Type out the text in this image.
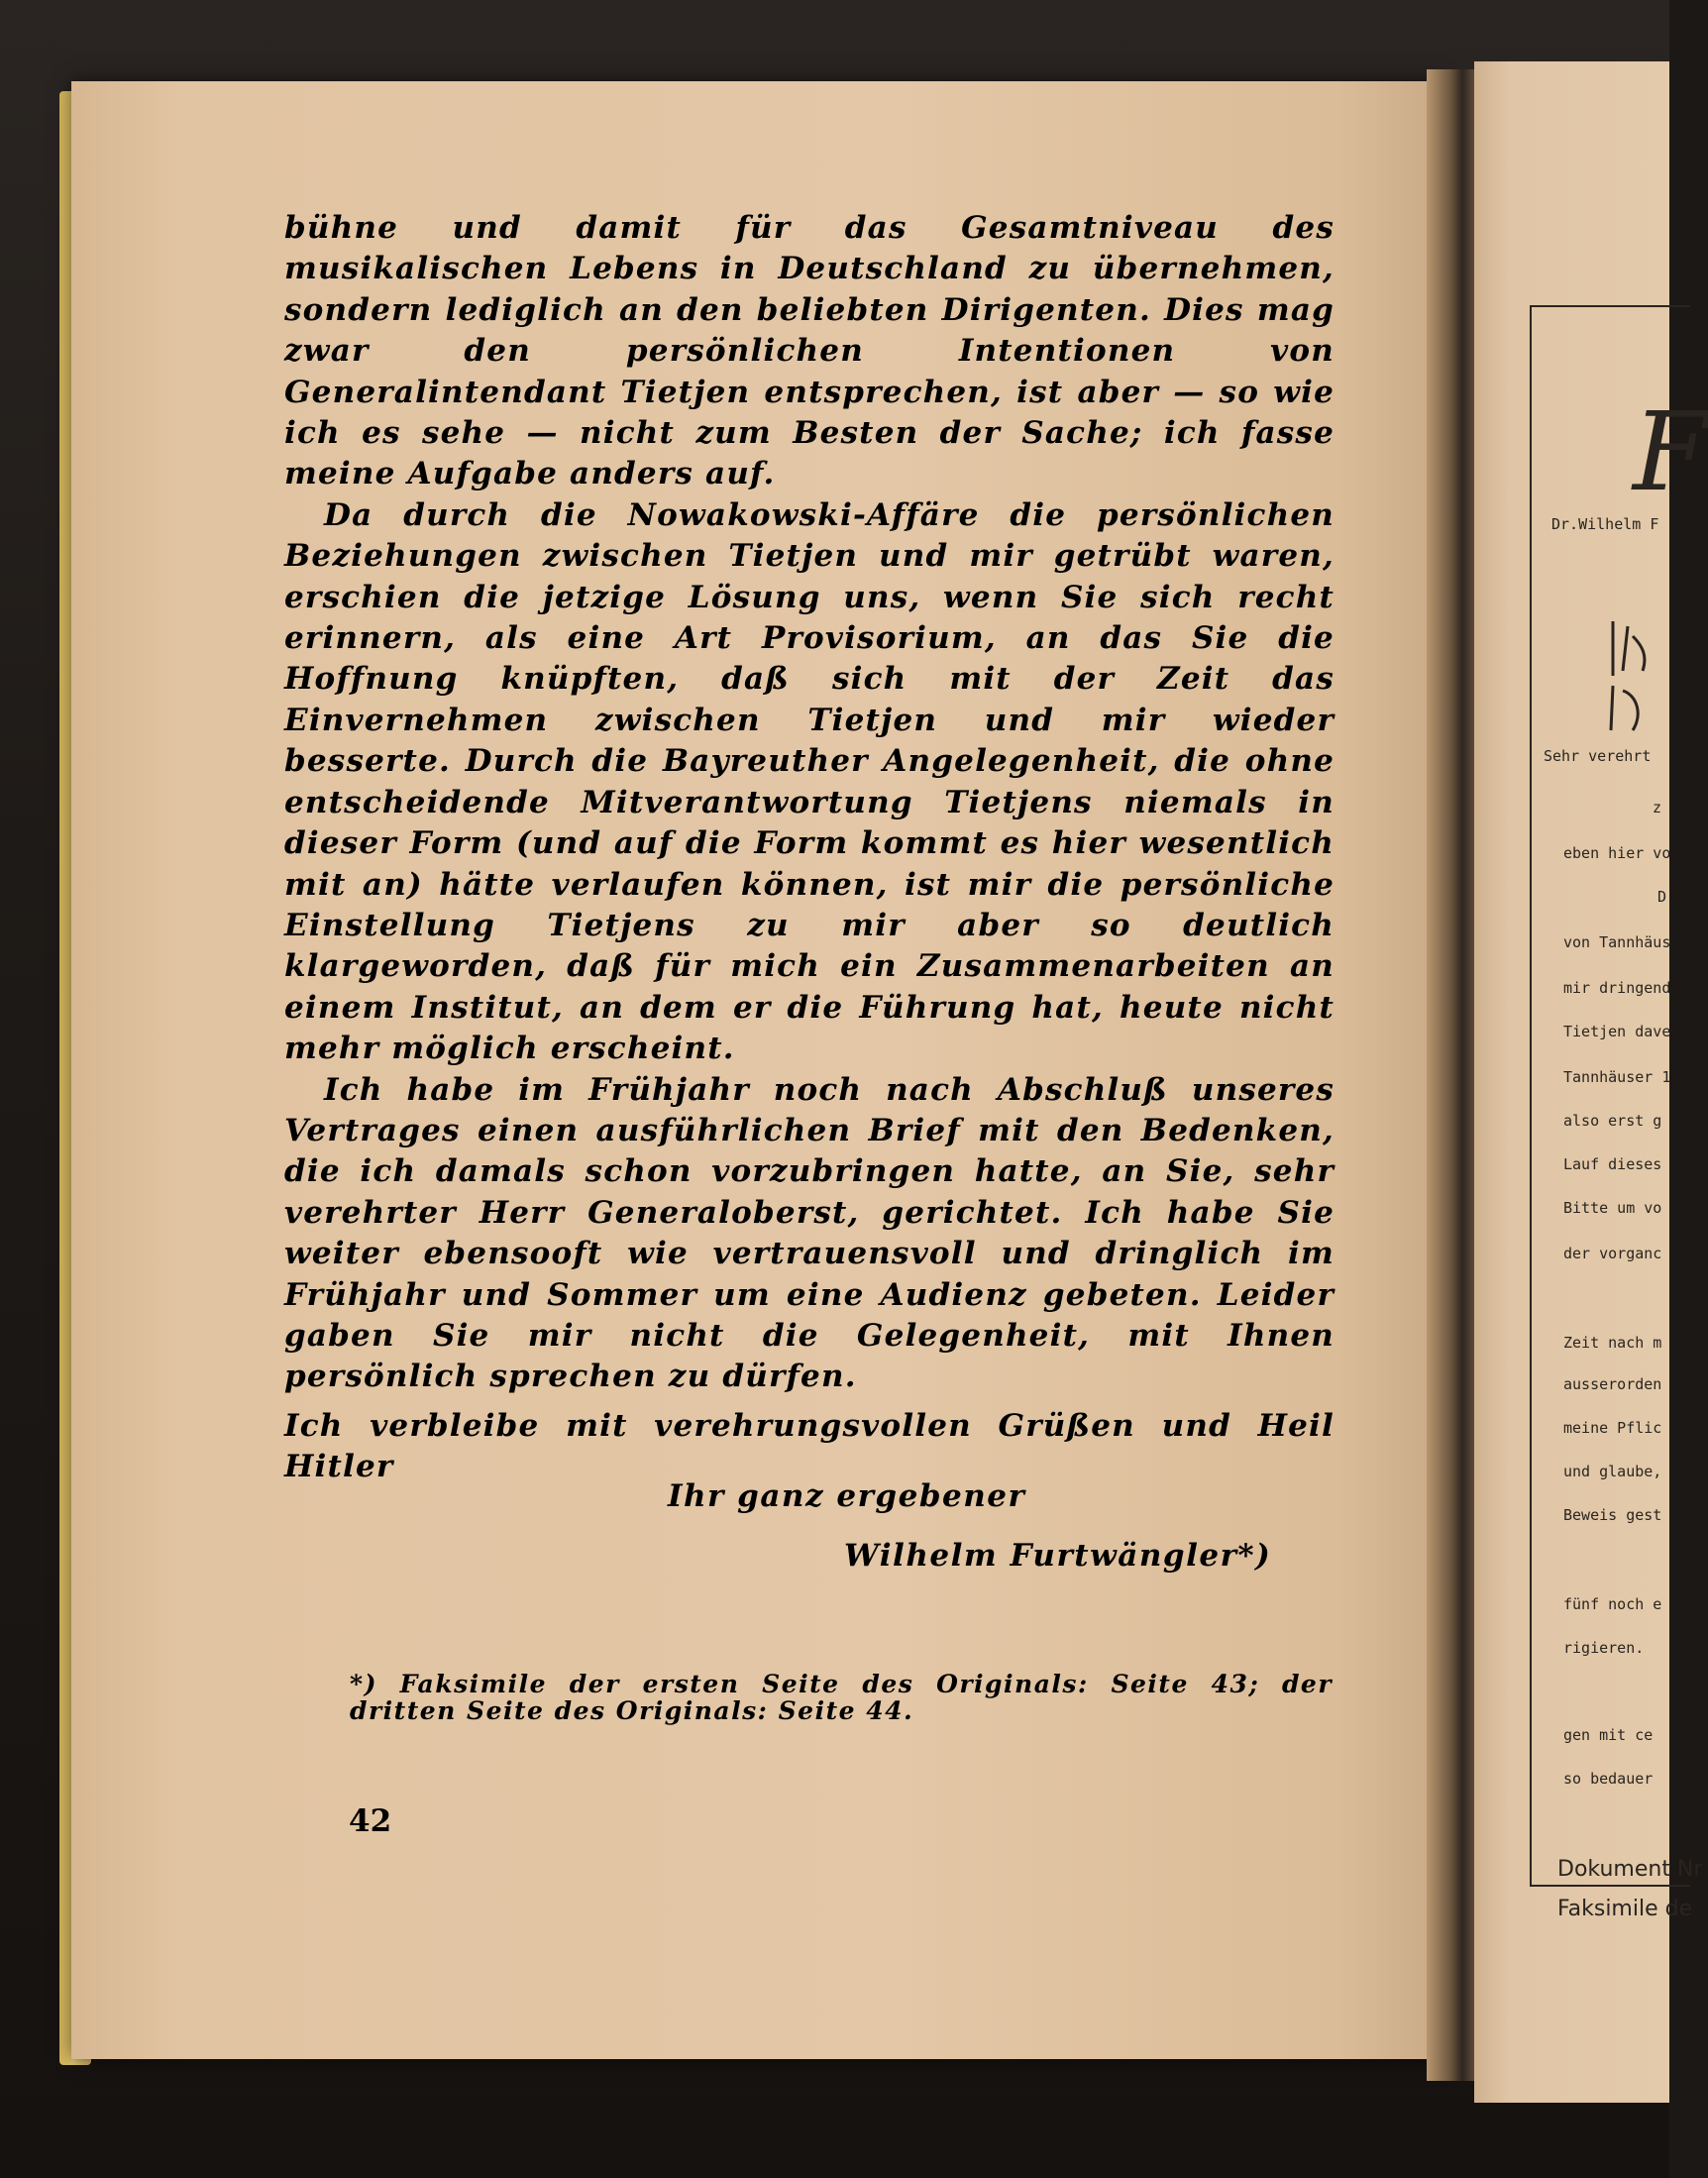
bühne und damit für das Gesamtniveau des musikalischen Lebens in Deutschland zu übernehmen, sondern lediglich an den beliebten Dirigenten. Dies mag zwar den persönlichen Intentionen von Generalintendant Tietjen entsprechen, ist aber — so wie ich es sehe — nicht zum Besten der Sache; ich fasse meine Aufgabe anders auf.

Da durch die Nowakowski-Affäre die persönlichen Beziehungen zwischen Tietjen und mir getrübt waren, erschien die jetzige Lösung uns, wenn Sie sich recht erinnern, als eine Art Provisorium, an das Sie die Hoffnung knüpften, daß sich mit der Zeit das Einvernehmen zwischen Tietjen und mir wieder besserte. Durch die Bayreuther Angelegenheit, die ohne entscheidende Mitverantwortung Tietjens niemals in dieser Form (und auf die Form kommt es hier wesentlich mit an) hätte verlaufen können, ist mir die persönliche Einstellung Tietjens zu mir aber so deutlich klargeworden, daß für mich ein Zusammenarbeiten an einem Institut, an dem er die Führung hat, heute nicht mehr möglich erscheint.

Ich habe im Frühjahr noch nach Abschluß unseres Vertrages einen ausführlichen Brief mit den Bedenken, die ich damals schon vorzubringen hatte, an Sie, sehr verehrter Herr Generaloberst, gerichtet. Ich habe Sie weiter ebensooft wie vertrauensvoll und dringlich im Frühjahr und Sommer um eine Audienz gebeten. Leider gaben Sie mir nicht die Gelegenheit, mit Ihnen persönlich sprechen zu dürfen.

Ich verbleibe mit verehrungsvollen Grüßen und Heil Hitler

Ihr ganz ergebener
Wilhelm Furtwängler*)
*) Faksimile der ersten Seite des Originals: Seite 43; der dritten Seite des Originals: Seite 44.
42
F
Dr.Wilhelm F
Sehr verehrt
z
eben hier vo
D
von Tannhäus
mir dringend
Tietjen dave
Tannhäuser 1
also erst g
Lauf dieses
Bitte um vo
der vorganc
Zeit nach m
ausserorden
meine Pflic
und glaube,
Beweis gest
fünf noch e
rigieren.
gen mit ce
so bedauer
Dokument Nr
Faksimile de
